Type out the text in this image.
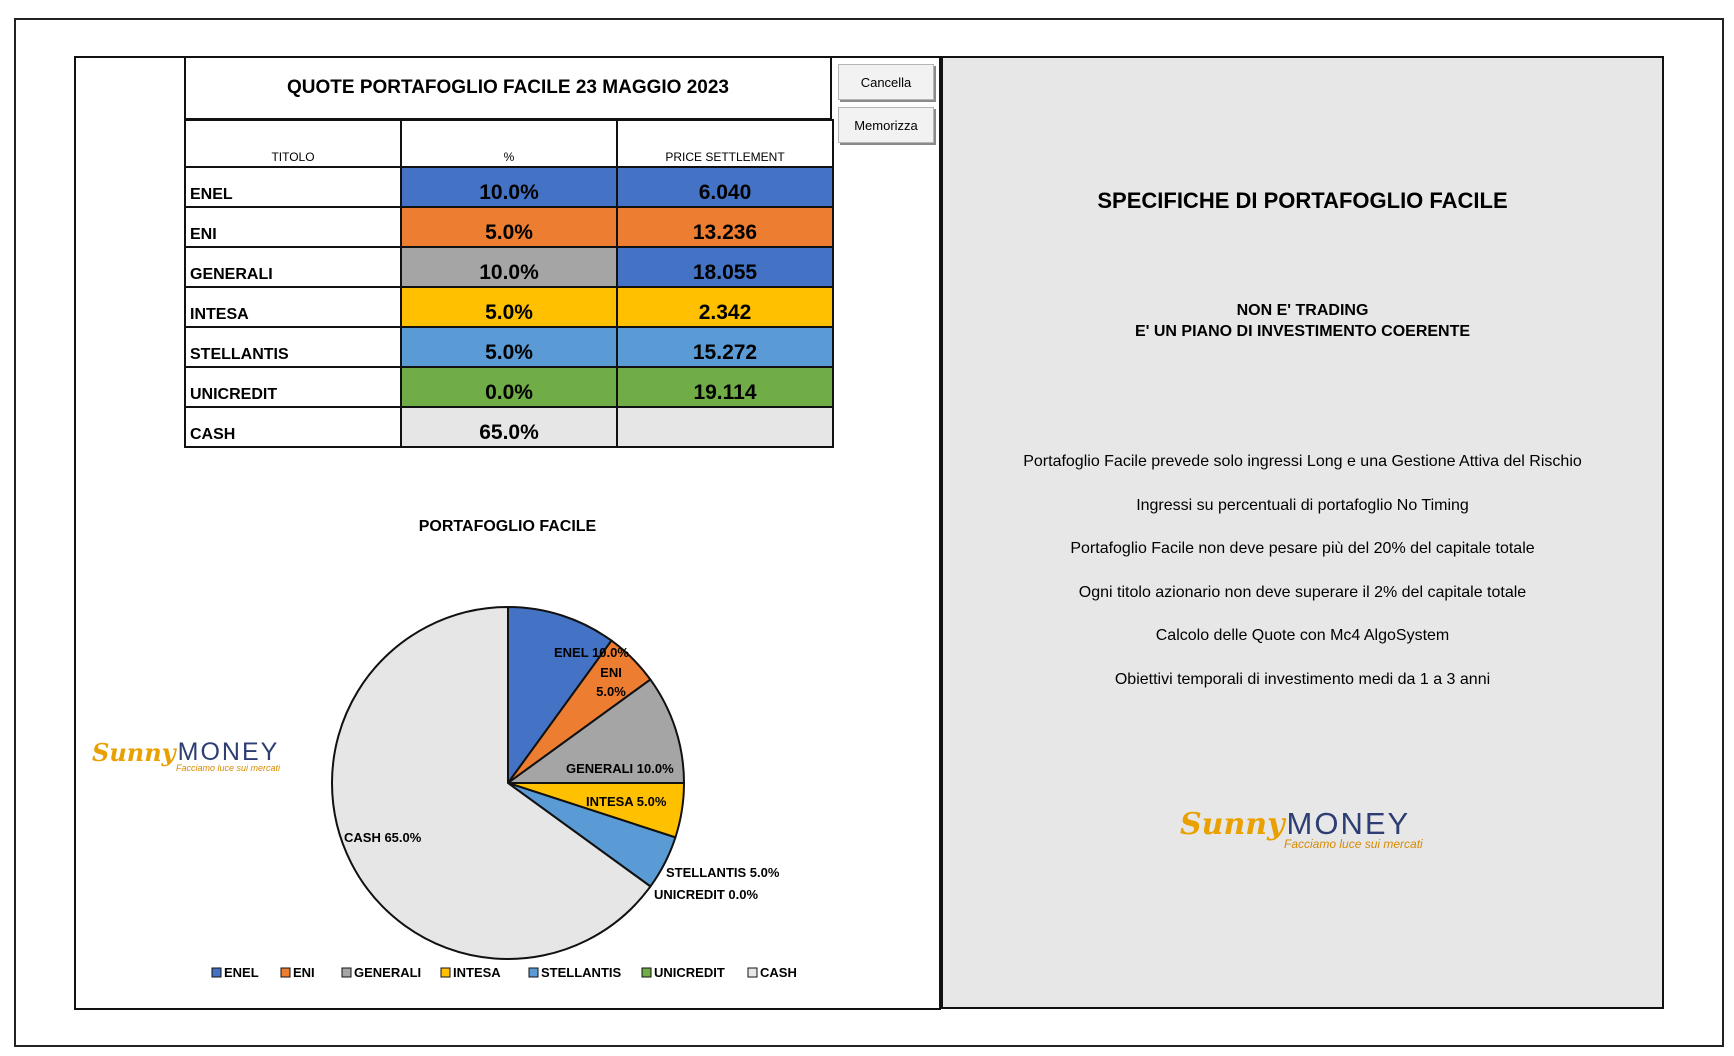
QUOTE PORTAFOGLIO FACILE 23 MAGGIO 2023
TITOLO	%	PRICE SETTLEMENT
ENEL	10.0%	6.040
ENI	5.0%	13.236
GENERALI	10.0%	18.055
INTESA	5.0%	2.342
STELLANTIS	5.0%	15.272
UNICREDIT	0.0%	19.114
CASH	65.0%	
Cancella
Memorizza
PORTAFOGLIO FACILE
ENEL 10.0%
ENI 5.0%
GENERALI 10.0%
INTESA 5.0%
STELLANTIS 5.0%
UNICREDIT 0.0%
CASH 65.0%
ENEL	ENI	GENERALI INTESA	STELLANTIS	UNICREDIT	CASH
Sunny MONEY
Facciamo luce sui mercati
SPECIFICHE DI PORTAFOGLIO FACILE
NON E' TRADING
E' UN PIANO DI INVESTIMENTO COERENTE
Portafoglio Facile prevede solo ingressi Long e una Gestione Attiva del Rischio
Ingressi su percentuali di portafoglio No Timing
Portafoglio Facile non deve pesare più del 20% del capitale totale
Ogni titolo azionario non deve superare il 2% del capitale totale
Calcolo delle Quote con Mc4 AlgoSystem
Obiettivi temporali di investimento medi da 1 a 3 anni
Sunny MONEY
Facciamo luce sui mercati
